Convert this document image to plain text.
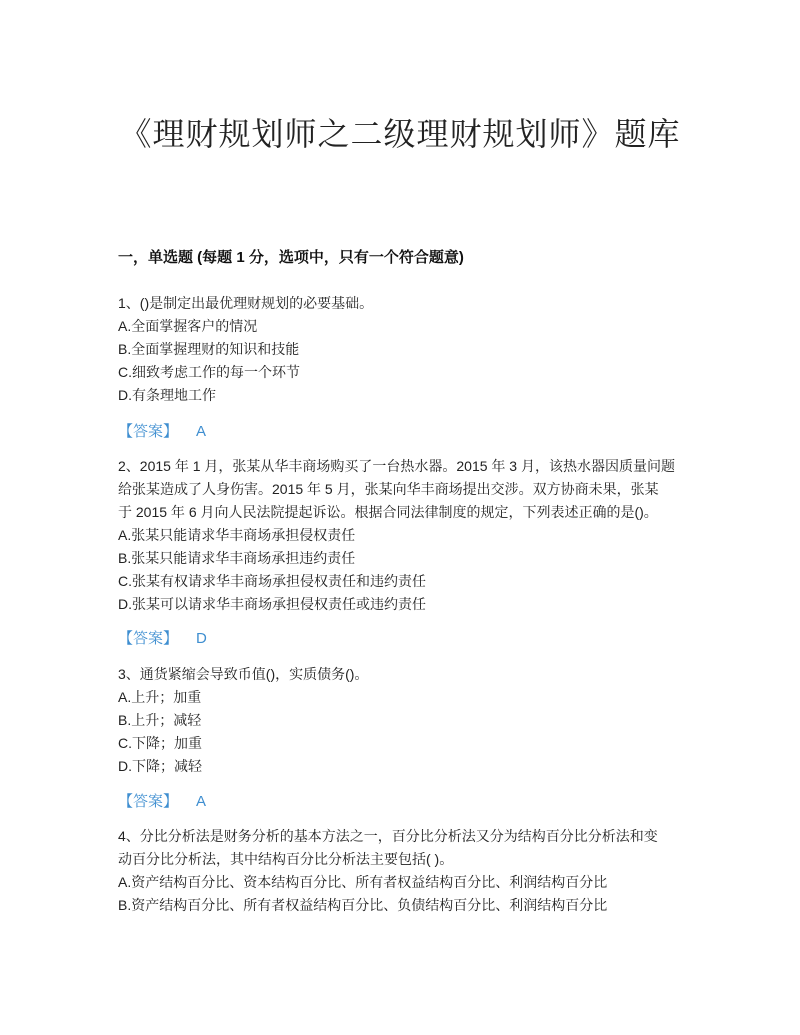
《理财规划师之二级理财规划师》题库
一，单选题 (每题 1 分，选项中，只有一个符合题意)
1、()是制定出最优理财规划的必要基础。
A.全面掌握客户的情况
B.全面掌握理财的知识和技能
C.细致考虑工作的每一个环节
D.有条理地工作
【答案】 A
2、2015 年 1 月，张某从华丰商场购买了一台热水器。2015 年 3 月，该热水器因质量问题
给张某造成了人身伤害。2015 年 5 月，张某向华丰商场提出交涉。双方协商未果，张某
于 2015 年 6 月向人民法院提起诉讼。根据合同法律制度的规定，下列表述正确的是()。
A.张某只能请求华丰商场承担侵权责任
B.张某只能请求华丰商场承担违约责任
C.张某有权请求华丰商场承担侵权责任和违约责任
D.张某可以请求华丰商场承担侵权责任或违约责任
【答案】 D
3、通货紧缩会导致币值()，实质债务()。
A.上升；加重
B.上升；减轻
C.下降；加重
D.下降；减轻
【答案】 A
4、分比分析法是财务分析的基本方法之一，百分比分析法又分为结构百分比分析法和变
动百分比分析法，其中结构百分比分析法主要包括( )。
A.资产结构百分比、资本结构百分比、所有者权益结构百分比、利润结构百分比
B.资产结构百分比、所有者权益结构百分比、负债结构百分比、利润结构百分比
